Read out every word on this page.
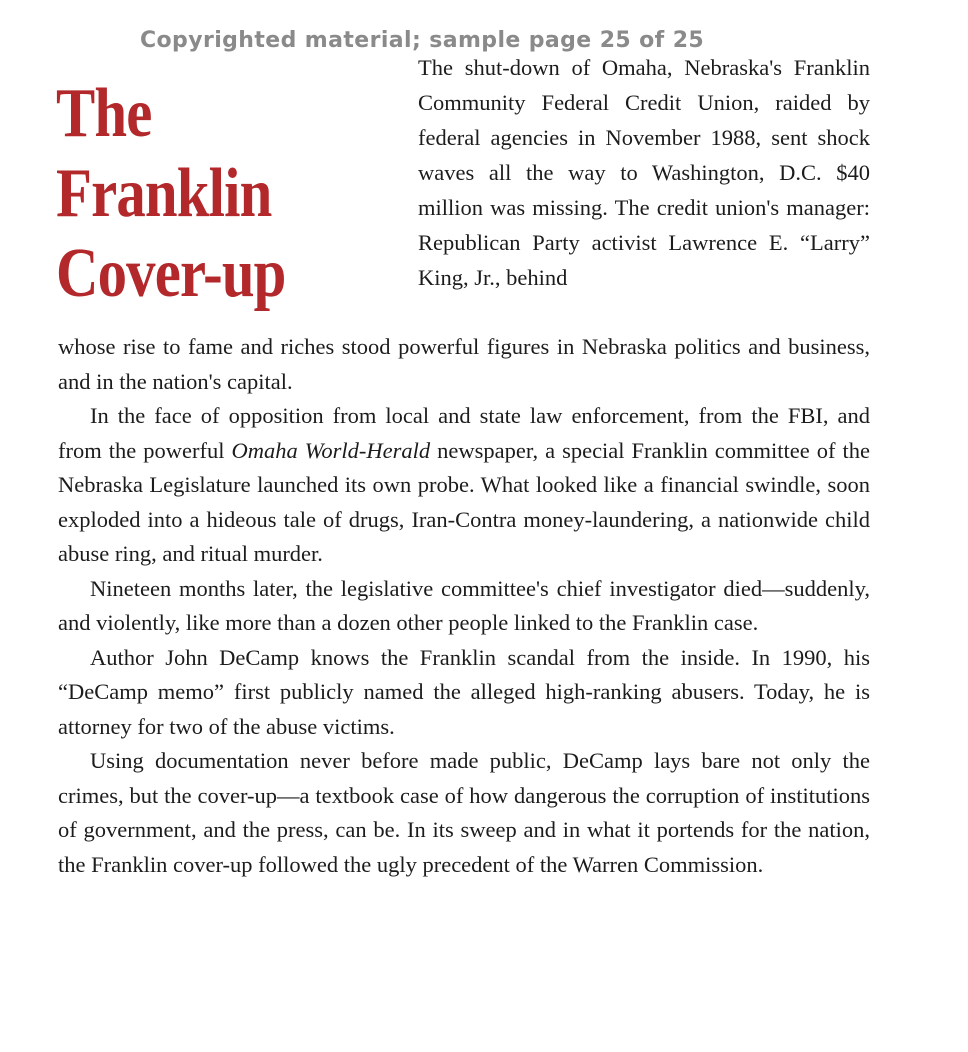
Copyrighted material; sample page 25 of 25
The
Franklin
Cover-up
The shut-down of Omaha, Nebraska's Franklin Community Federal Credit Union, raided by federal agencies in November 1988, sent shock waves all the way to Washington, D.C. $40 million was missing. The credit union's manager: Republican Party activist Lawrence E. “Larry” King, Jr., behind

whose rise to fame and riches stood powerful figures in Nebraska politics and business, and in the nation's capital.

In the face of opposition from local and state law enforcement, from the FBI, and from the powerful Omaha World-Herald newspaper, a special Franklin committee of the Nebraska Legislature launched its own probe. What looked like a financial swindle, soon exploded into a hideous tale of drugs, Iran-Contra money-laundering, a nationwide child abuse ring, and ritual murder.

Nineteen months later, the legislative committee's chief investigator died—suddenly, and violently, like more than a dozen other people linked to the Franklin case.

Author John DeCamp knows the Franklin scandal from the inside. In 1990, his “DeCamp memo” first publicly named the alleged high-ranking abusers. Today, he is attorney for two of the abuse victims.

Using documentation never before made public, DeCamp lays bare not only the crimes, but the cover-up—a textbook case of how dangerous the corruption of institutions of government, and the press, can be. In its sweep and in what it portends for the nation, the Franklin cover-up followed the ugly precedent of the Warren Commission.
